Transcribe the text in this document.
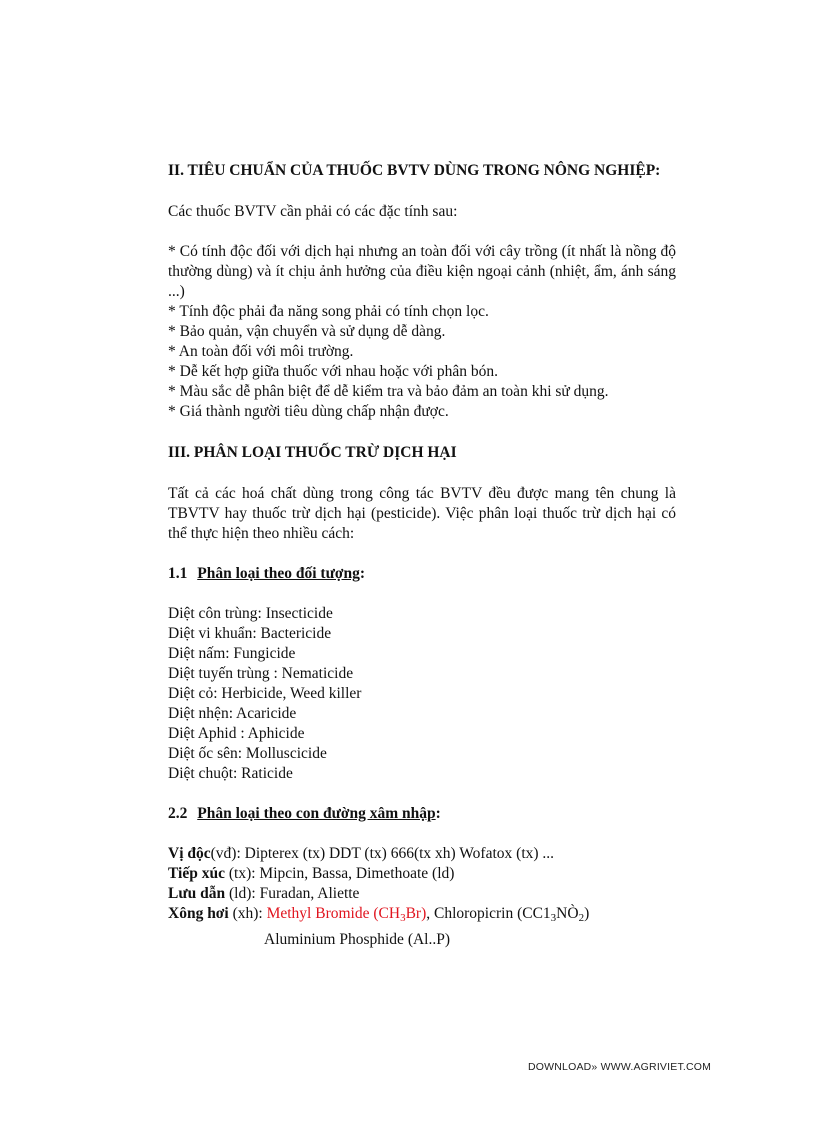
II. TIÊU CHUẨN CỦA THUỐC BVTV DÙNG TRONG NÔNG NGHIỆP:

Các thuốc BVTV cần phải có các đặc tính sau:

* Có tính độc đối với dịch hại nhưng an toàn đối với cây trồng (ít nhất là nồng độ thường dùng) và ít chịu ảnh hưởng của điều kiện ngoại cảnh (nhiệt, ẩm, ánh sáng ...)

* Tính độc phải đa năng song phải có tính chọn lọc.

* Bảo quản, vận chuyển và sử dụng dễ dàng.

* An toàn đối với môi trường.

* Dễ kết hợp giữa thuốc với nhau hoặc với phân bón.

* Màu sắc dễ phân biệt để dễ kiểm tra và bảo đảm an toàn khi sử dụng.

* Giá thành người tiêu dùng chấp nhận được.

III. PHÂN LOẠI THUỐC TRỪ DỊCH HẠI

Tất cả các hoá chất dùng trong công tác BVTV đều được mang tên chung là TBVTV hay thuốc trừ dịch hại (pesticide). Việc phân loại thuốc trừ dịch hại có thể thực hiện theo nhiều cách:

1.1 Phân loại theo đối tượng:

Diệt côn trùng: Insecticide

Diệt vi khuẩn: Bactericide

Diệt nấm: Fungicide

Diệt tuyến trùng : Nematicide

Diệt cỏ: Herbicide, Weed killer

Diệt nhện: Acaricide

Diệt Aphid : Aphicide

Diệt ốc sên: Molluscicide

Diệt chuột: Raticide

2.2 Phân loại theo con đường xâm nhập:

Vị độc(vđ): Dipterex (tx) DDT (tx) 666(tx xh) Wofatox (tx) ...

Tiếp xúc (tx): Mipcin, Bassa, Dimethoate (ld)

Lưu dẫn (ld): Furadan, Aliette

Xông hơi (xh): Methyl Bromide $(CH_3Br)$, Chloropicrin $(CC1_3NÒ_2)$

Aluminium Phosphide (Al..P)

DOWNLOAD» WWW.AGRIVIET.COM
